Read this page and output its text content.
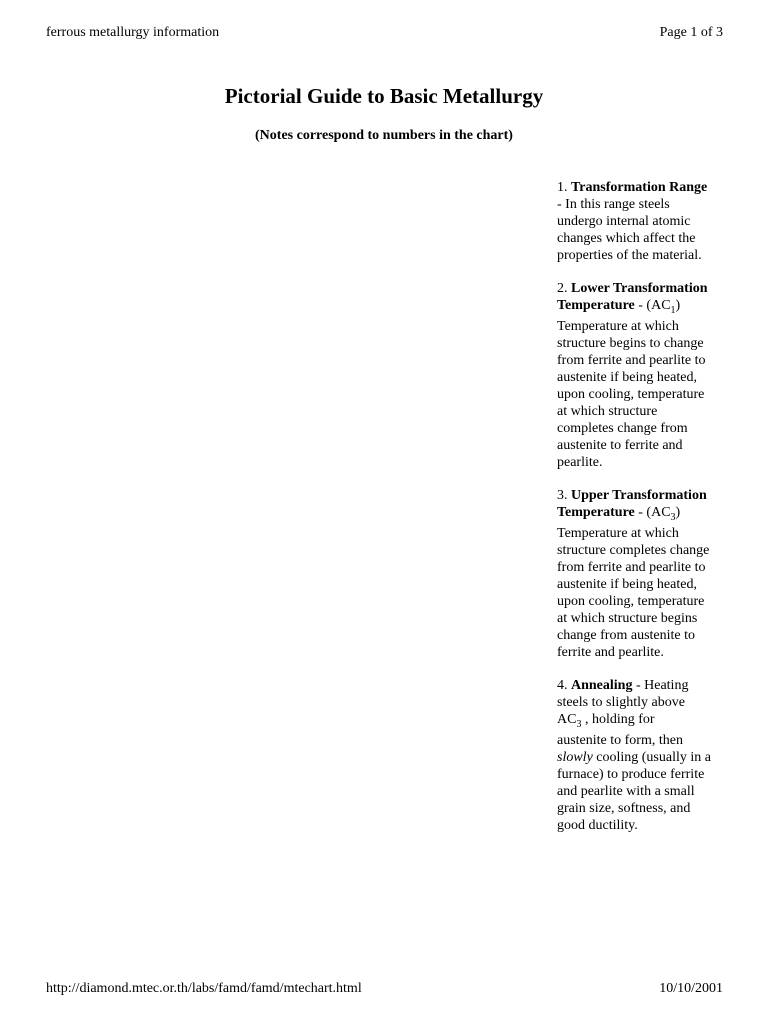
ferrous metallurgy information	Page 1 of 3
Pictorial Guide to Basic Metallurgy
(Notes correspond to numbers in the chart)

1. Transformation Range - In this range steels undergo internal atomic changes which affect the properties of the material.

2. Lower Transformation Temperature - $(AC_1)$

Temperature at which structure begins to change from ferrite and pearlite to austenite if being heated, upon cooling, temperature at which structure completes change from austenite to ferrite and pearlite.

3. Upper Transformation Temperature - $(AC_3)$

Temperature at which structure completes change from ferrite and pearlite to austenite if being heated, upon cooling, temperature at which structure begins change from austenite to ferrite and pearlite.

4. Annealing - Heating steels to slightly above $AC_3$ , holding for

austenite to form, then slowly cooling (usually in a furnace) to produce ferrite and pearlite with a small grain size, softness, and good ductility.

http://diamond.mtec.or.th/labs/famd/famd/mtechart.html	10/10/2001
